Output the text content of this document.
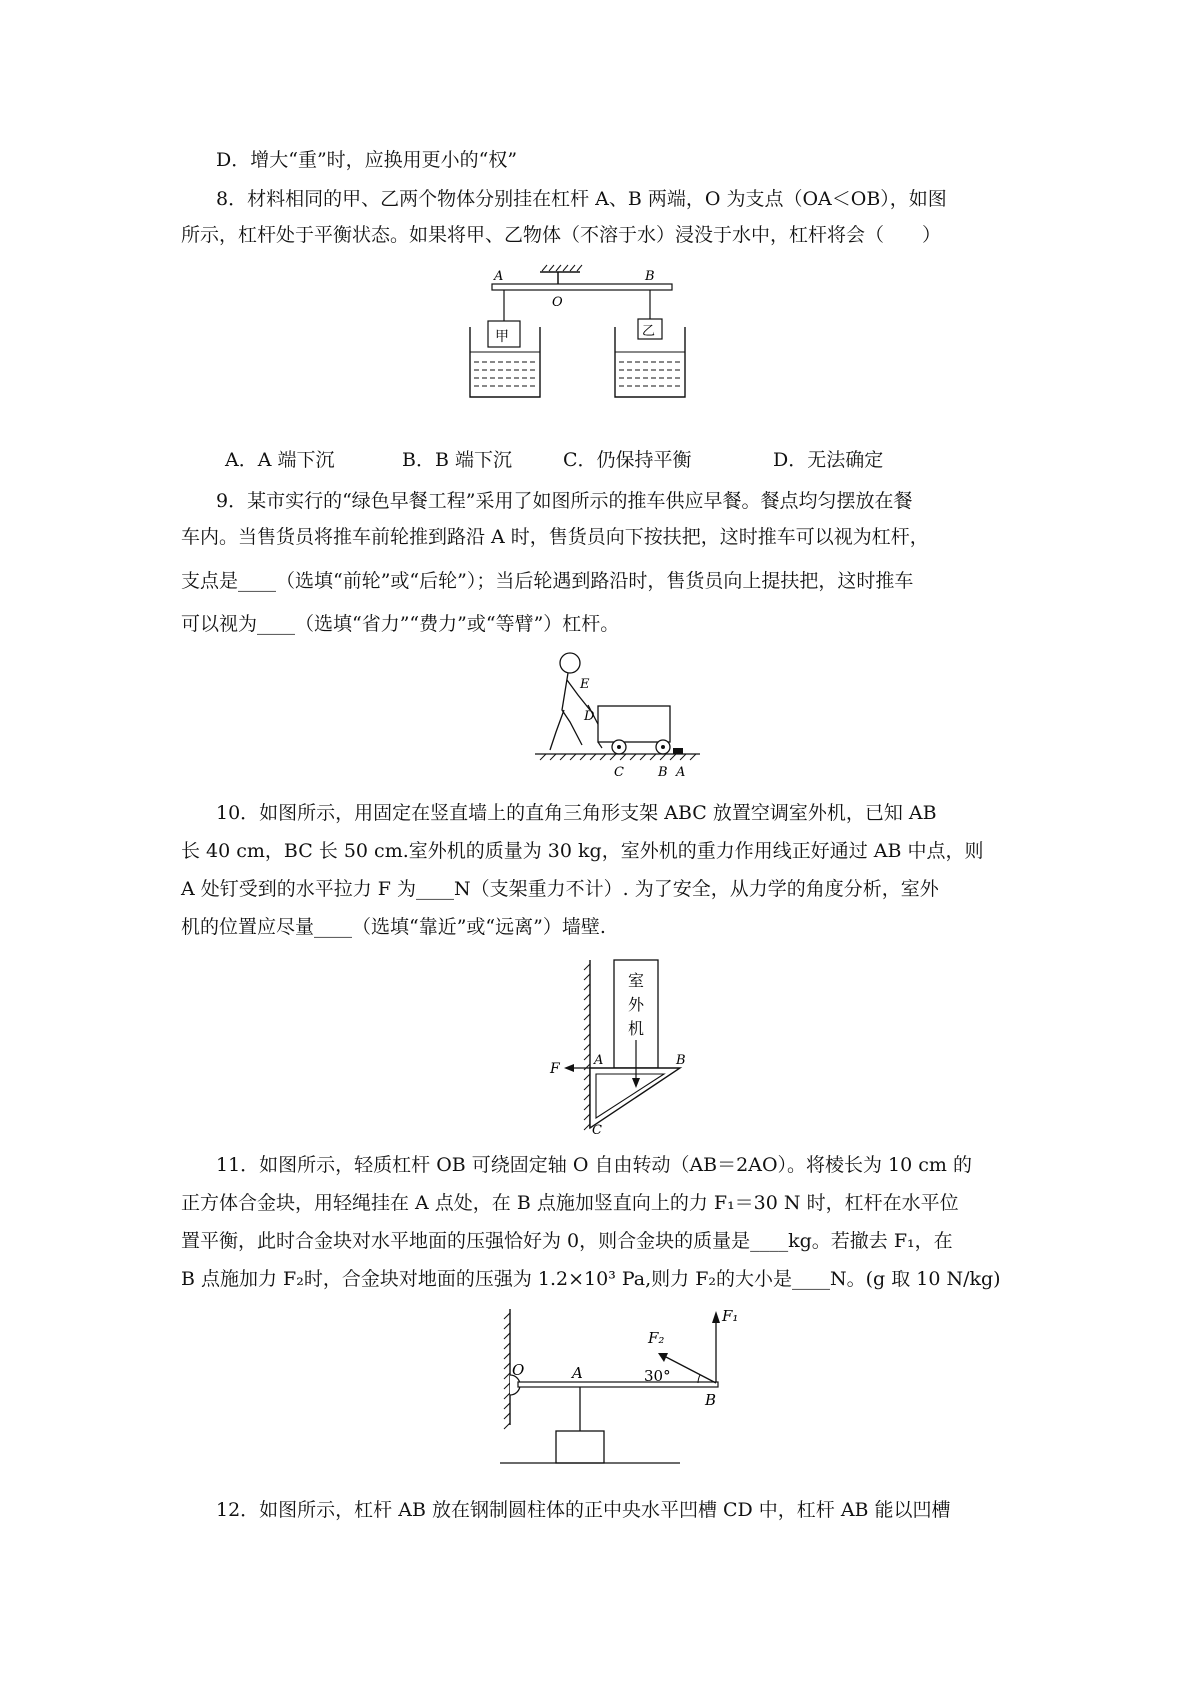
D．增大“重”时，应换用更小的“权”
8．材料相同的甲、乙两个物体分别挂在杠杆 A、B 两端，O 为支点（OA＜OB），如图
所示，杠杆处于平衡状态。如果将甲、乙物体（不溶于水）浸没于水中，杠杆将会（　　）
A	B
O
甲	乙
A．A 端下沉	B．B 端下沉	C．仍保持平衡	D．无法确定
9．某市实行的“绿色早餐工程”采用了如图所示的推车供应早餐。餐点均匀摆放在餐
车内。当售货员将推车前轮推到路沿 A 时，售货员向下按扶把，这时推车可以视为杠杆，
支点是____（选填“前轮”或“后轮”）；当后轮遇到路沿时，售货员向上提扶把，这时推车
可以视为____（选填“省力”“费力”或“等臂”）杠杆。
E
D
C	B A
10．如图所示，用固定在竖直墙上的直角三角形支架 ABC 放置空调室外机，已知 AB
长 40 cm，BC 长 50 cm.室外机的质量为 30 kg，室外机的重力作用线正好通过 AB 中点，则
A 处钉受到的水平拉力 F 为____N（支架重力不计）. 为了安全，从力学的角度分析，室外
机的位置应尽量____（选填“靠近”或“远离”）墙壁.
室
外
机
F
A	B
C
11．如图所示，轻质杠杆 OB 可绕固定轴 O 自由转动（AB＝2AO）。将棱长为 10 cm 的
正方体合金块，用轻绳挂在 A 点处，在 B 点施加竖直向上的力 F₁＝30 N 时，杠杆在水平位
置平衡，此时合金块对水平地面的压强恰好为 0，则合金块的质量是____kg。若撤去 F₁，在
B 点施加力 F₂时，合金块对地面的压强为 1.2×10³ Pa,则力 F₂的大小是____N。(g 取 10 N/kg)
O	A
B
F₁
F₂
30°
12．如图所示，杠杆 AB 放在钢制圆柱体的正中央水平凹槽 CD 中，杠杆 AB 能以凹槽
